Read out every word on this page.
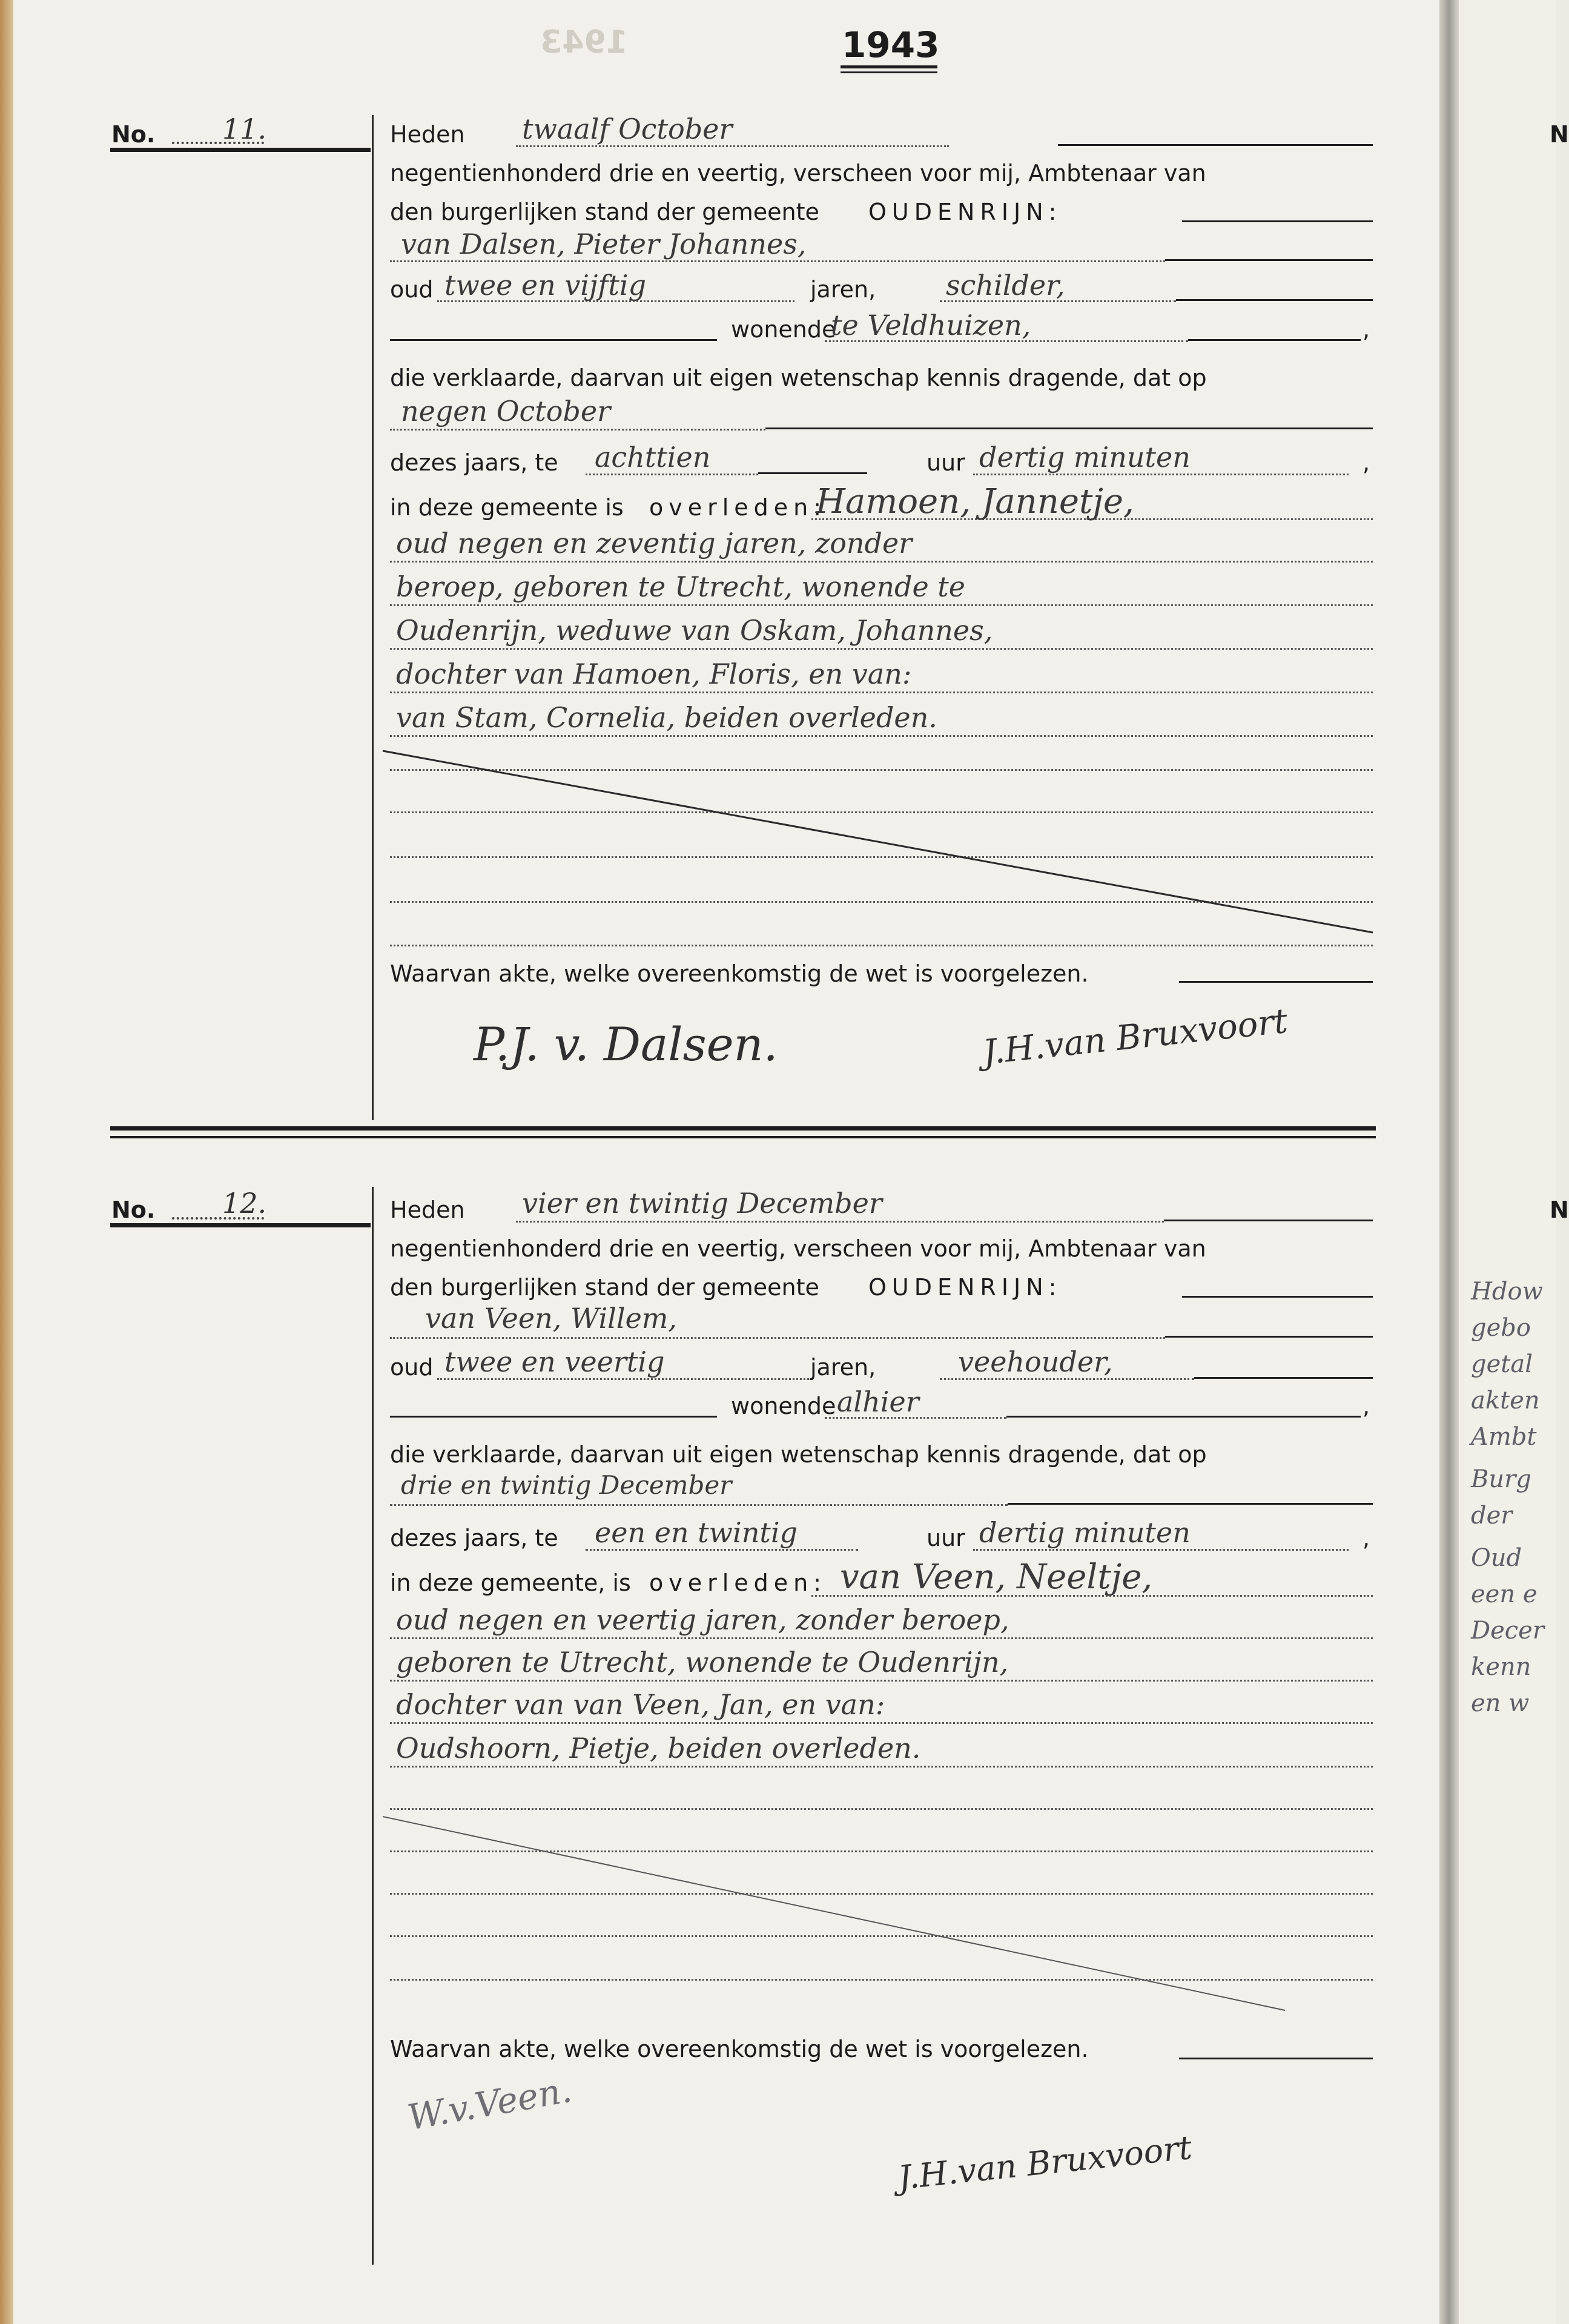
1943	1943
No. 11.	Heden twaalf October
negentienhonderd drie en veertig, verscheen voor mij, Ambtenaar van
den burgerlijken stand der gemeente OUDENRIJN:
van Dalsen, Pieter Johannes,
oud twee en vijftig	jaren,	schilder,
wonende	,
te Veldhuizen,
die verklaarde, daarvan uit eigen wetenschap kennis dragende, dat op
negen October
dezes jaars, te achttien	uur	,
dertig minuten
in deze gemeente is overleden:
Hamoen, Jannetje,
oud negen en zeventig jaren, zonder
beroep, geboren te Utrecht, wonende te
Oudenrijn, weduwe van Oskam, Johannes,
dochter van Hamoen, Floris, en van:
van Stam, Cornelia, beiden overleden.
Waarvan akte, welke overeenkomstig de wet is voorgelezen.
P.J. v. Dalsen.	J.H.van Bruxvoort
No. 12.	Heden vier en twintig December
negentienhonderd drie en veertig, verscheen voor mij, Ambtenaar van
den burgerlijken stand der gemeente OUDENRIJN:
van Veen, Willem,
oud twee en veertig	jaren,	veehouder,
wonende	,
alhier
die verklaarde, daarvan uit eigen wetenschap kennis dragende, dat op
drie en twintig December
dezes jaars, te een en twintig	uur	,
dertig minuten
in deze gemeente, is overleden: van Veen, Neeltje,
oud negen en veertig jaren, zonder beroep,
geboren te Utrecht, wonende te Oudenrijn,
dochter van van Veen, Jan, en van:
Oudshoorn, Pietje, beiden overleden.
Waarvan akte, welke overeenkomstig de wet is voorgelezen.
W.v.Veen.
J.H.van Bruxvoort
N
N
Hdow
gebo
getal
akten
Ambt
Burg
der
Oud
een e
Decer
kenn
en w
